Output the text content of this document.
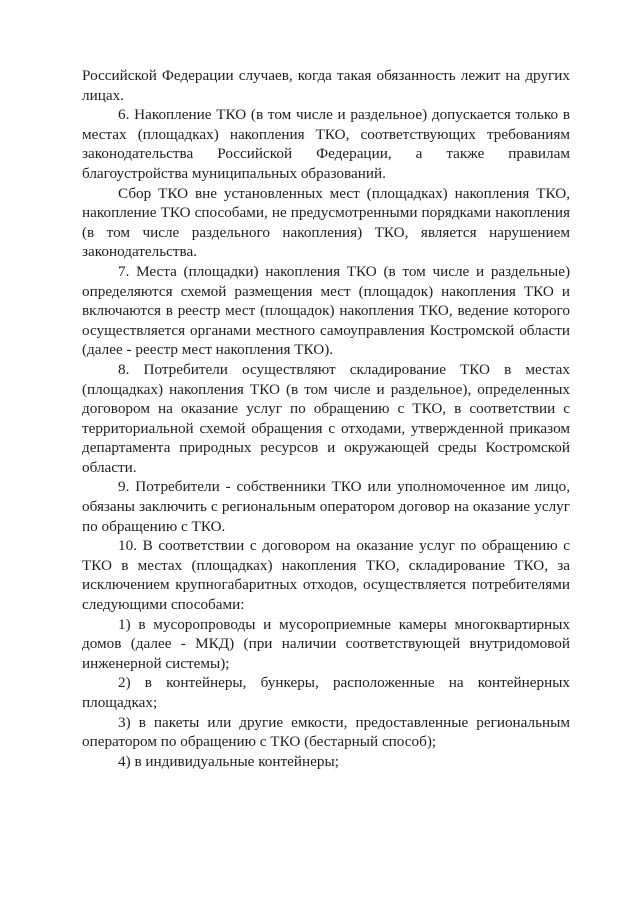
Российской Федерации случаев, когда такая обязанность лежит на других лицах.

6. Накопление ТКО (в том числе и раздельное) допускается только в местах (площадках) накопления ТКО, соответствующих требованиям законодательства Российской Федерации, а также правилам благоустройства муниципальных образований.

Сбор ТКО вне установленных мест (площадках) накопления ТКО, накопление ТКО способами, не предусмотренными порядками накопления (в том числе раздельного накопления) ТКО, является нарушением законодательства.

7. Места (площадки) накопления ТКО (в том числе и раздельные) определяются схемой размещения мест (площадок) накопления ТКО и включаются в реестр мест (площадок) накопления ТКО, ведение которого осуществляется органами местного самоуправления Костромской области (далее - реестр мест накопления ТКО).

8. Потребители осуществляют складирование ТКО в местах (площадках) накопления ТКО (в том числе и раздельное), определенных договором на оказание услуг по обращению с ТКО, в соответствии с территориальной схемой обращения с отходами, утвержденной приказом департамента природных ресурсов и окружающей среды Костромской области.

9. Потребители - собственники ТКО или уполномоченное им лицо, обязаны заключить с региональным оператором договор на оказание услуг по обращению с ТКО.

10. В соответствии с договором на оказание услуг по обращению с ТКО в местах (площадках) накопления ТКО, складирование ТКО, за исключением крупногабаритных отходов, осуществляется потребителями следующими способами:

1) в мусоропроводы и мусороприемные камеры многоквартирных домов (далее - МКД) (при наличии соответствующей внутридомовой инженерной системы);

2) в контейнеры, бункеры, расположенные на контейнерных площадках;

3) в пакеты или другие емкости, предоставленные региональным оператором по обращению с ТКО (бестарный способ);

4) в индивидуальные контейнеры;
